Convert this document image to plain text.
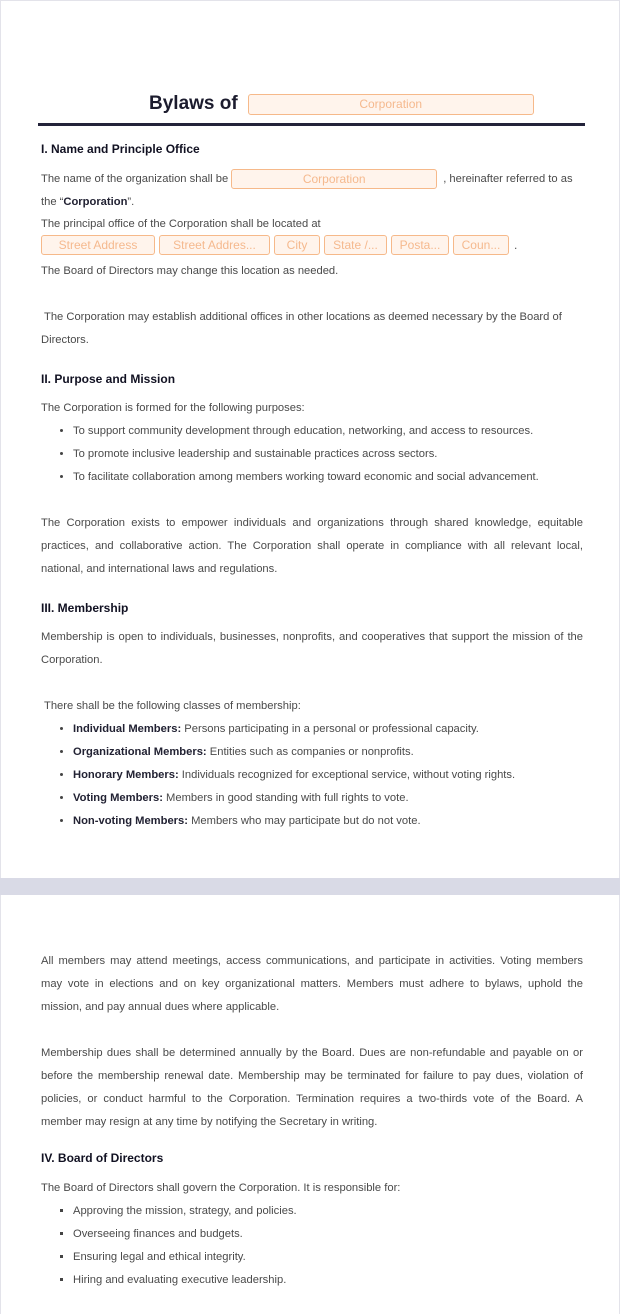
Bylaws of	Corporation
I. Name and Principle Office
The name of the organization shall be	Corporation	, hereinafter referred to as
the “Corporation”.
The principal office of the Corporation shall be located at
Street Address	Street Addres...	City	State /...	Posta...	Coun...	.
The Board of Directors may change this location as needed.
The Corporation may establish additional offices in other locations as deemed necessary by the Board of Directors.
II. Purpose and Mission
The Corporation is formed for the following purposes:
• To support community development through education, networking, and access to resources.
• To promote inclusive leadership and sustainable practices across sectors.
• To facilitate collaboration among members working toward economic and social advancement.
The Corporation exists to empower individuals and organizations through shared knowledge, equitable practices, and collaborative action. The Corporation shall operate in compliance with all relevant local, national, and international laws and regulations.
III. Membership
Membership is open to individuals, businesses, nonprofits, and cooperatives that support the mission of the Corporation.
There shall be the following classes of membership:
• Individual Members: Persons participating in a personal or professional capacity.
• Organizational Members: Entities such as companies or nonprofits.
• Honorary Members: Individuals recognized for exceptional service, without voting rights.
• Voting Members: Members in good standing with full rights to vote.
• Non-voting Members: Members who may participate but do not vote.
All members may attend meetings, access communications, and participate in activities. Voting members may vote in elections and on key organizational matters. Members must adhere to bylaws, uphold the mission, and pay annual dues where applicable.
Membership dues shall be determined annually by the Board. Dues are non-refundable and payable on or before the membership renewal date. Membership may be terminated for failure to pay dues, violation of policies, or conduct harmful to the Corporation. Termination requires a two-thirds vote of the Board. A member may resign at any time by notifying the Secretary in writing.
IV. Board of Directors
The Board of Directors shall govern the Corporation. It is responsible for:
▪ Approving the mission, strategy, and policies.
▪ Overseeing finances and budgets.
▪ Ensuring legal and ethical integrity.
▪ Hiring and evaluating executive leadership.
